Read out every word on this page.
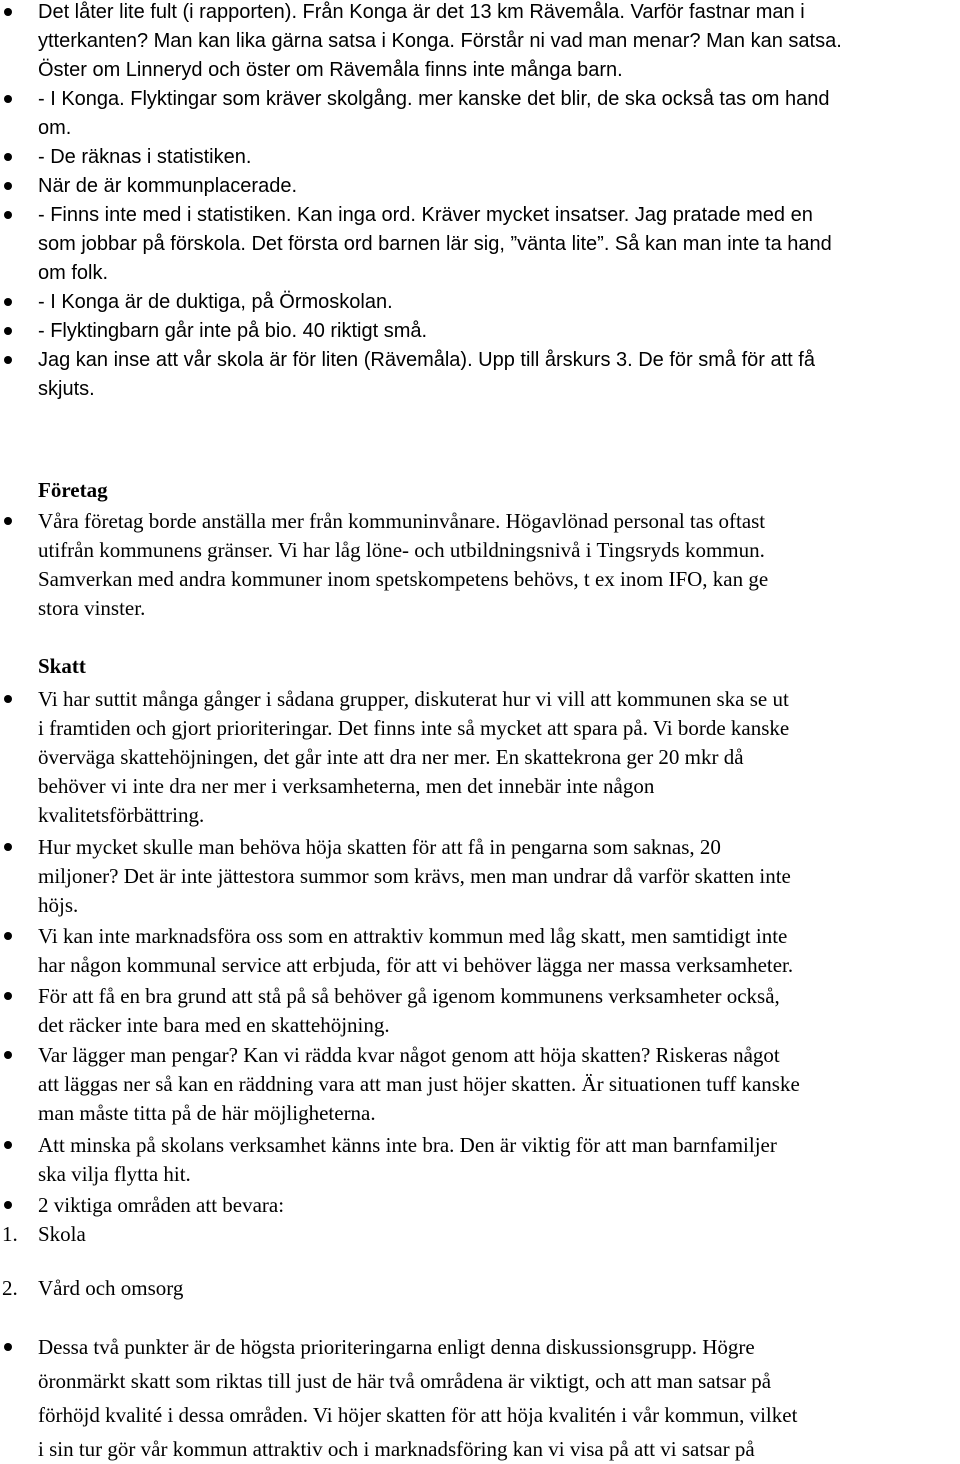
Det låter lite fult (i rapporten). Från Konga är det 13 km Rävemåla. Varför fastnar man i
ytterkanten? Man kan lika gärna satsa i Konga. Förstår ni vad man menar? Man kan satsa.
Öster om Linneryd och öster om Rävemåla finns inte många barn.
- I Konga. Flyktingar som kräver skolgång. mer kanske det blir, de ska också tas om hand
om.
- De räknas i statistiken.
När de är kommunplacerade.
- Finns inte med i statistiken. Kan inga ord. Kräver mycket insatser. Jag pratade med en
som jobbar på förskola. Det första ord barnen lär sig, ”vänta lite”. Så kan man inte ta hand
om folk.
- I Konga är de duktiga, på Örmoskolan.
- Flyktingbarn går inte på bio. 40 riktigt små.
Jag kan inse att vår skola är för liten (Rävemåla). Upp till årskurs 3. De för små för att få
skjuts.
Företag
Våra företag borde anställa mer från kommuninvånare. Högavlönad personal tas oftast
utifrån kommunens gränser. Vi har låg löne- och utbildningsnivå i Tingsryds kommun.
Samverkan med andra kommuner inom spetskompetens behövs, t ex inom IFO, kan ge
stora vinster.
Skatt
Vi har suttit många gånger i sådana grupper, diskuterat hur vi vill att kommunen ska se ut
i framtiden och gjort prioriteringar. Det finns inte så mycket att spara på. Vi borde kanske
överväga skattehöjningen, det går inte att dra ner mer. En skattekrona ger 20 mkr då
behöver vi inte dra ner mer i verksamheterna, men det innebär inte någon
kvalitetsförbättring.
Hur mycket skulle man behöva höja skatten för att få in pengarna som saknas, 20
miljoner? Det är inte jättestora summor som krävs, men man undrar då varför skatten inte
höjs.
Vi kan inte marknadsföra oss som en attraktiv kommun med låg skatt, men samtidigt inte
har någon kommunal service att erbjuda, för att vi behöver lägga ner massa verksamheter.
För att få en bra grund att stå på så behöver gå igenom kommunens verksamheter också,
det räcker inte bara med en skattehöjning.
Var lägger man pengar? Kan vi rädda kvar något genom att höja skatten? Riskeras något
att läggas ner så kan en räddning vara att man just höjer skatten. Är situationen tuff kanske
man måste titta på de här möjligheterna.
Att minska på skolans verksamhet känns inte bra. Den är viktig för att man barnfamiljer
ska vilja flytta hit.
2 viktiga områden att bevara:
1. Skola
2. Vård och omsorg
Dessa två punkter är de högsta prioriteringarna enligt denna diskussionsgrupp. Högre
öronmärkt skatt som riktas till just de här två områdena är viktigt, och att man satsar på
förhöjd kvalité i dessa områden. Vi höjer skatten för att höja kvalitén i vår kommun, vilket
i sin tur gör vår kommun attraktiv och i marknadsföring kan vi visa på att vi satsar på
